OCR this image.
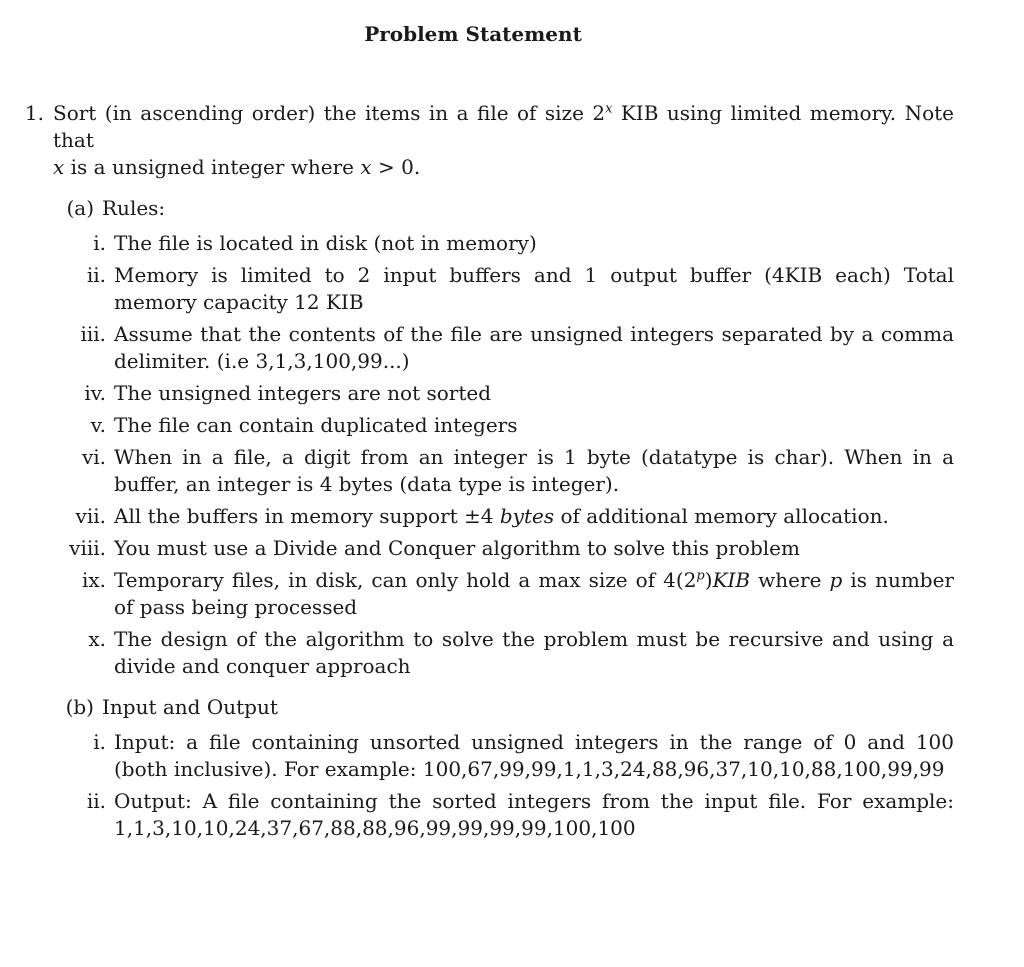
Problem Statement
1. Sort (in ascending order) the items in a file of size 2$^x$ KIB using limited memory. Note that
x is a unsigned integer where x > 0.
(a) Rules:
i. The file is located in disk (not in memory)
ii. Memory is limited to 2 input buffers and 1 output buffer (4KIB each) Total memory capacity 12 KIB
iii. Assume that the contents of the file are unsigned integers separated by a comma delimiter. (i.e 3,1,3,100,99...)
iv. The unsigned integers are not sorted
v. The file can contain duplicated integers
vi. When in a file, a digit from an integer is 1 byte (datatype is char). When in a buffer, an integer is 4 bytes (data type is integer).
vii. All the buffers in memory support ±4 bytes of additional memory allocation.
viii. You must use a Divide and Conquer algorithm to solve this problem
ix. Temporary files, in disk, can only hold a max size of 4(2$^p$)KIB where p is number of pass being processed
x. The design of the algorithm to solve the problem must be recursive and using a divide and conquer approach
(b) Input and Output
i. Input: a file containing unsorted unsigned integers in the range of 0 and 100 (both inclusive). For example: 100,67,99,99,1,1,3,24,88,96,37,10,10,88,100,99,99
ii. Output: A file containing the sorted integers from the input file. For example: 1,1,3,10,10,24,37,67,88,88,96,99,99,99,99,100,100
